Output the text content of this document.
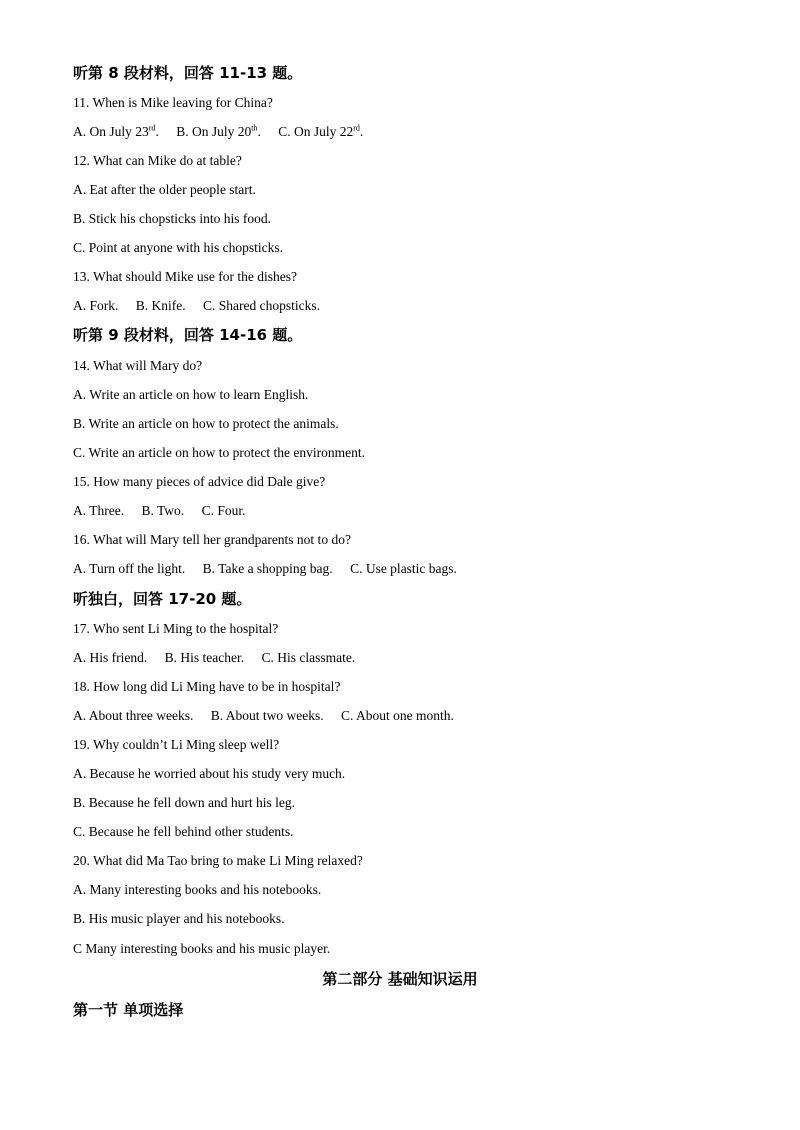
听第 8 段材料，回答 11-13 题。
11. When is Mike leaving for China?
A. On July 23rd. B. On July 20th. C. On July 22rd.
12. What can Mike do at table?
A. Eat after the older people start.
B. Stick his chopsticks into his food.
C. Point at anyone with his chopsticks.
13. What should Mike use for the dishes?
A. Fork. B. Knife. C. Shared chopsticks.
听第 9 段材料，回答 14-16 题。
14. What will Mary do?
A. Write an article on how to learn English.
B. Write an article on how to protect the animals.
C. Write an article on how to protect the environment.
15. How many pieces of advice did Dale give?
A. Three. B. Two. C. Four.
16. What will Mary tell her grandparents not to do?
A. Turn off the light. B. Take a shopping bag. C. Use plastic bags.
听独白，回答 17-20 题。
17. Who sent Li Ming to the hospital?
A. His friend. B. His teacher. C. His classmate.
18. How long did Li Ming have to be in hospital?
A. About three weeks. B. About two weeks. C. About one month.
19. Why couldn’t Li Ming sleep well?
A. Because he worried about his study very much.
B. Because he fell down and hurt his leg.
C. Because he fell behind other students.
20. What did Ma Tao bring to make Li Ming relaxed?
A. Many interesting books and his notebooks.
B. His music player and his notebooks.
C Many interesting books and his music player.
第二部分 基础知识运用
第一节 单项选择
